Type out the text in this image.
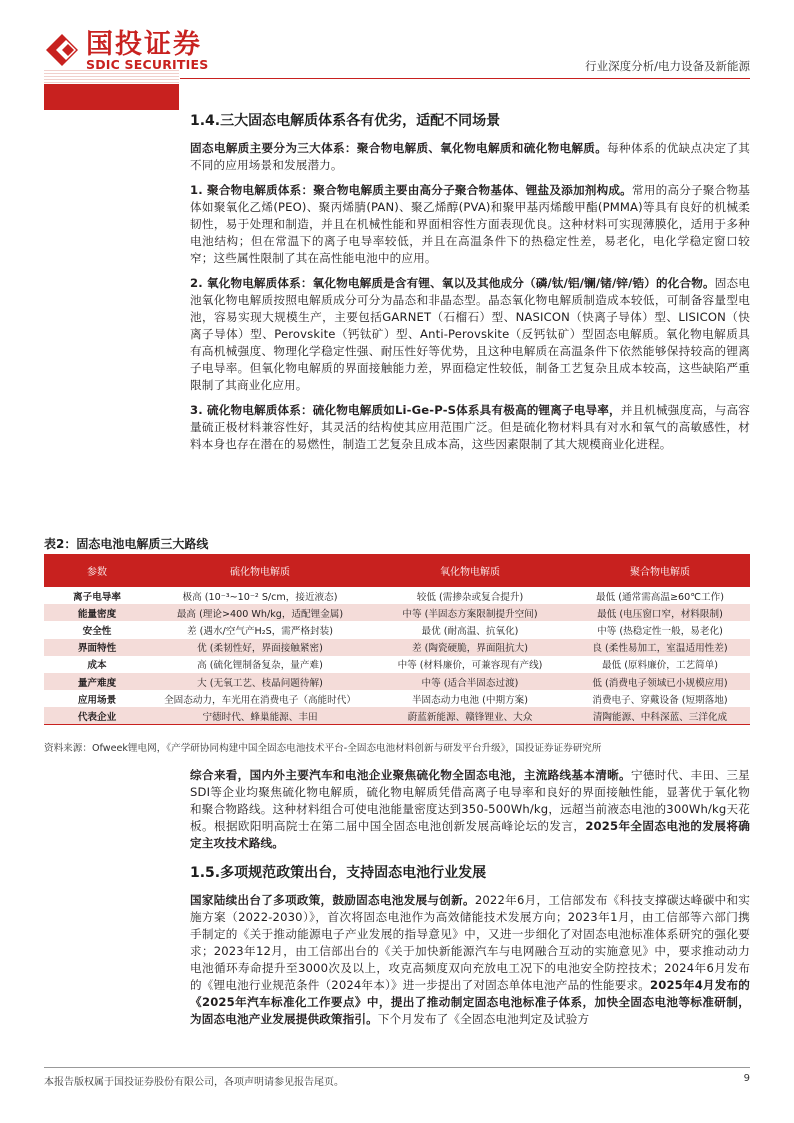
国投证券
SDIC SECURITIES	行业深度分析/电力设备及新能源
1.4.三大固态电解质体系各有优劣，适配不同场景

固态电解质主要分为三大体系：聚合物电解质、氧化物电解质和硫化物电解质。每种体系的优缺点决定了其不同的应用场景和发展潜力。

1. 聚合物电解质体系：聚合物电解质主要由高分子聚合物基体、锂盐及添加剂构成。常用的高分子聚合物基体如聚氧化乙烯(PEO)、聚丙烯腈(PAN)、聚乙烯醇(PVA)和聚甲基丙烯酸甲酯(PMMA)等具有良好的机械柔韧性，易于处理和制造，并且在机械性能和界面相容性方面表现优良。这种材料可实现薄膜化，适用于多种电池结构；但在常温下的离子电导率较低，并且在高温条件下的热稳定性差，易老化，电化学稳定窗口较窄；这些属性限制了其在高性能电池中的应用。

2. 氧化物电解质体系：氧化物电解质是含有锂、氧以及其他成分（磷/钛/铝/镧/锗/锌/锆）的化合物。固态电池氧化物电解质按照电解质成分可分为晶态和非晶态型。晶态氧化物电解质制造成本较低，可制备容量型电池，容易实现大规模生产，主要包括GARNET（石榴石）型、NASICON（快离子导体）型、LISICON（快离子导体）型、Perovskite（钙钛矿）型、Anti-Perovskite（反钙钛矿）型固态电解质。氧化物电解质具有高机械强度、物理化学稳定性强、耐压性好等优势，且这种电解质在高温条件下依然能够保持较高的锂离子电导率。但氧化物电解质的界面接触能力差，界面稳定性较低，制备工艺复杂且成本较高，这些缺陷严重限制了其商业化应用。

3. 硫化物电解质体系：硫化物电解质如Li-Ge-P-S体系具有极高的锂离子电导率，并且机械强度高，与高容量硫正极材料兼容性好，其灵活的结构使其应用范围广泛。但是硫化物材料具有对水和氧气的高敏感性，材料本身也存在潜在的易燃性，制造工艺复杂且成本高，这些因素限制了其大规模商业化进程。

表2：固态电池电解质三大路线
参数	硫化物电解质	氧化物电解质	聚合物电解质
离子电导率	极高 (10⁻³~10⁻² S/cm，接近液态)	较低 (需掺杂或复合提升)	最低 (通常需高温≥60℃工作)
能量密度	最高 (理论>400 Wh/kg，适配锂金属)	中等 (半固态方案限制提升空间)	最低 (电压窗口窄，材料限制)
安全性	差 (遇水/空气产H₂S，需严格封装)	最优 (耐高温、抗氧化)	中等 (热稳定性一般，易老化)
界面特性	优 (柔韧性好，界面接触紧密)	差 (陶瓷硬脆，界面阻抗大)	良 (柔性易加工，室温适用性差)
成本	高 (硫化锂制备复杂，量产难)	中等 (材料廉价，可兼容现有产线)	最低 (原料廉价，工艺简单)
量产难度	大 (无氧工艺、枝晶问题待解)	中等 (适合半固态过渡)	低 (消费电子领域已小规模应用)
应用场景	全固态动力，车光用在消费电子（高能时代）	半固态动力电池 (中期方案)	消费电子、穿戴设备 (短期落地)
代表企业	宁德时代、蜂巢能源、丰田	蔚蓝新能源、赣锋锂业、大众	清陶能源、中科深蓝、三洋化成
资料来源：Ofweek锂电网，《产学研协同构建中国全固态电池技术平台-全固态电池材料创新与研发平台升级》，国投证券证券研究所

综合来看，国内外主要汽车和电池企业聚焦硫化物全固态电池，主流路线基本清晰。宁德时代、丰田、三星SDI等企业均聚焦硫化物电解质，硫化物电解质凭借高离子电导率和良好的界面接触性能，显著优于氧化物和聚合物路线。这种材料组合可使电池能量密度达到350-500Wh/kg，远超当前液态电池的300Wh/kg天花板。根据欧阳明高院士在第二届中国全固态电池创新发展高峰论坛的发言，2025年全固态电池的发展将确定主攻技术路线。

1.5.多项规范政策出台，支持固态电池行业发展

国家陆续出台了多项政策，鼓励固态电池发展与创新。2022年6月，工信部发布《科技支撑碳达峰碳中和实施方案（2022-2030）》，首次将固态电池作为高效储能技术发展方向；2023年1月，由工信部等六部门携手制定的《关于推动能源电子产业发展的指导意见》中，又进一步细化了对固态电池标准体系研究的强化要求；2023年12月，由工信部出台的《关于加快新能源汽车与电网融合互动的实施意见》中，要求推动动力电池循环寿命提升至3000次及以上，攻克高频度双向充放电工况下的电池安全防控技术；2024年6月发布的《锂电池行业规范条件（2024年本）》进一步提出了对固态单体电池产品的性能要求。2025年4月发布的《2025年汽车标准化工作要点》中，提出了推动制定固态电池标准子体系，加快全固态电池等标准研制，为固态电池产业发展提供政策指引。下个月发布了《全固态电池判定及试验方

本报告版权属于国投证券股份有限公司，各项声明请参见报告尾页。	9
